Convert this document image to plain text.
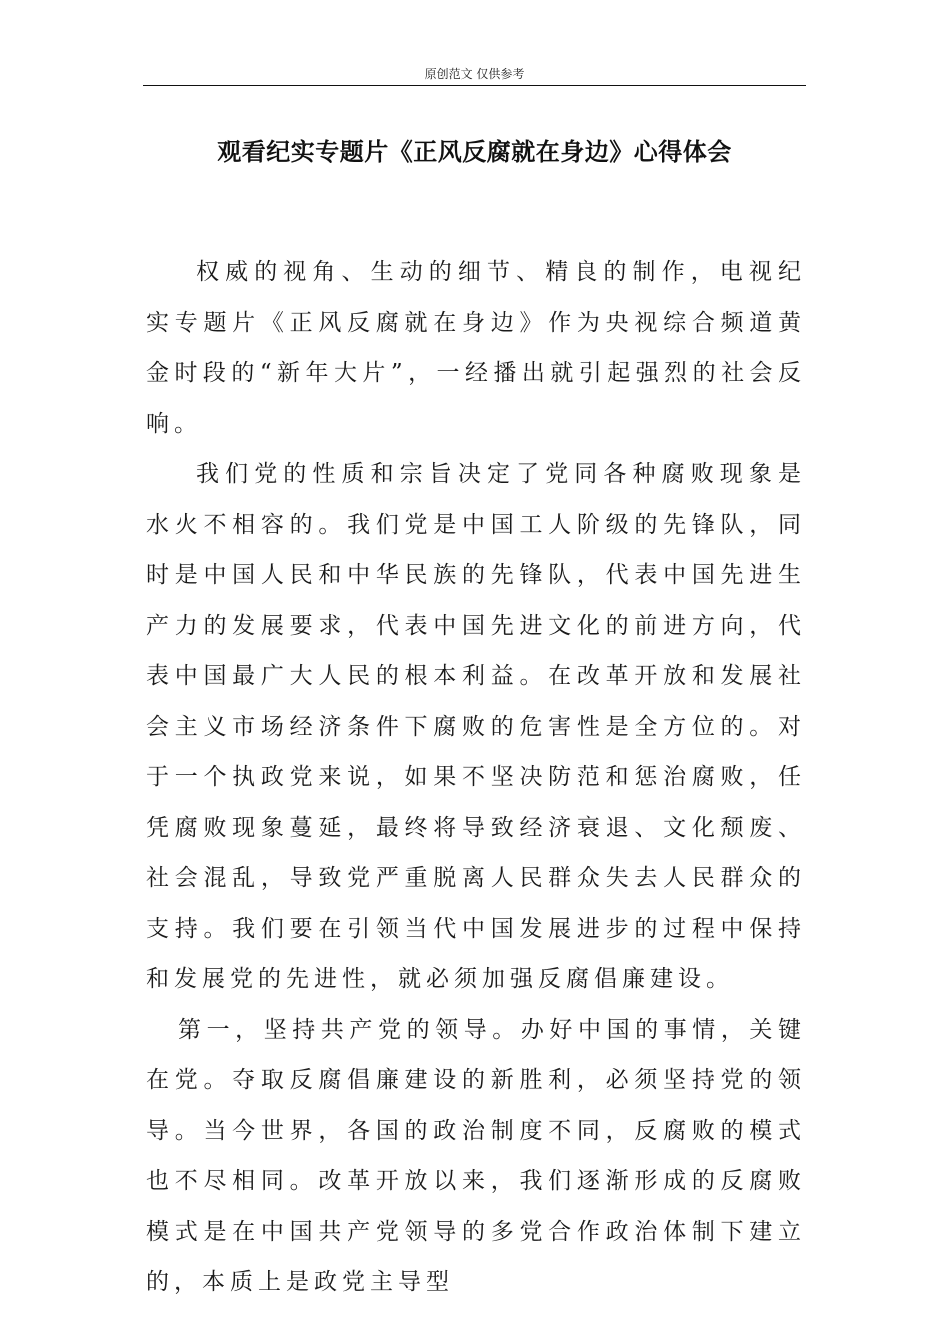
原创范文 仅供参考
观看纪实专题片《正风反腐就在身边》心得体会

权威的视角、生动的细节、精良的制作，电视纪实专题片《正风反腐就在身边》作为央视综合频道黄金时段的“新年大片”，一经播出就引起强烈的社会反响。

我们党的性质和宗旨决定了党同各种腐败现象是水火不相容的。我们党是中国工人阶级的先锋队，同时是中国人民和中华民族的先锋队，代表中国先进生产力的发展要求，代表中国先进文化的前进方向，代表中国最广大人民的根本利益。在改革开放和发展社会主义市场经济条件下腐败的危害性是全方位的。对于一个执政党来说，如果不坚决防范和惩治腐败，任凭腐败现象蔓延，最终将导致经济衰退、文化颓废、社会混乱，导致党严重脱离人民群众失去人民群众的支持。我们要在引领当代中国发展进步的过程中保持和发展党的先进性，就必须加强反腐倡廉建设。

第一，坚持共产党的领导。办好中国的事情，关键在党。夺取反腐倡廉建设的新胜利，必须坚持党的领导。当今世界，各国的政治制度不同，反腐败的模式也不尽相同。改革开放以来，我们逐渐形成的反腐败模式是在中国共产党领导的多党合作政治体制下建立的，本质上是政党主导型
